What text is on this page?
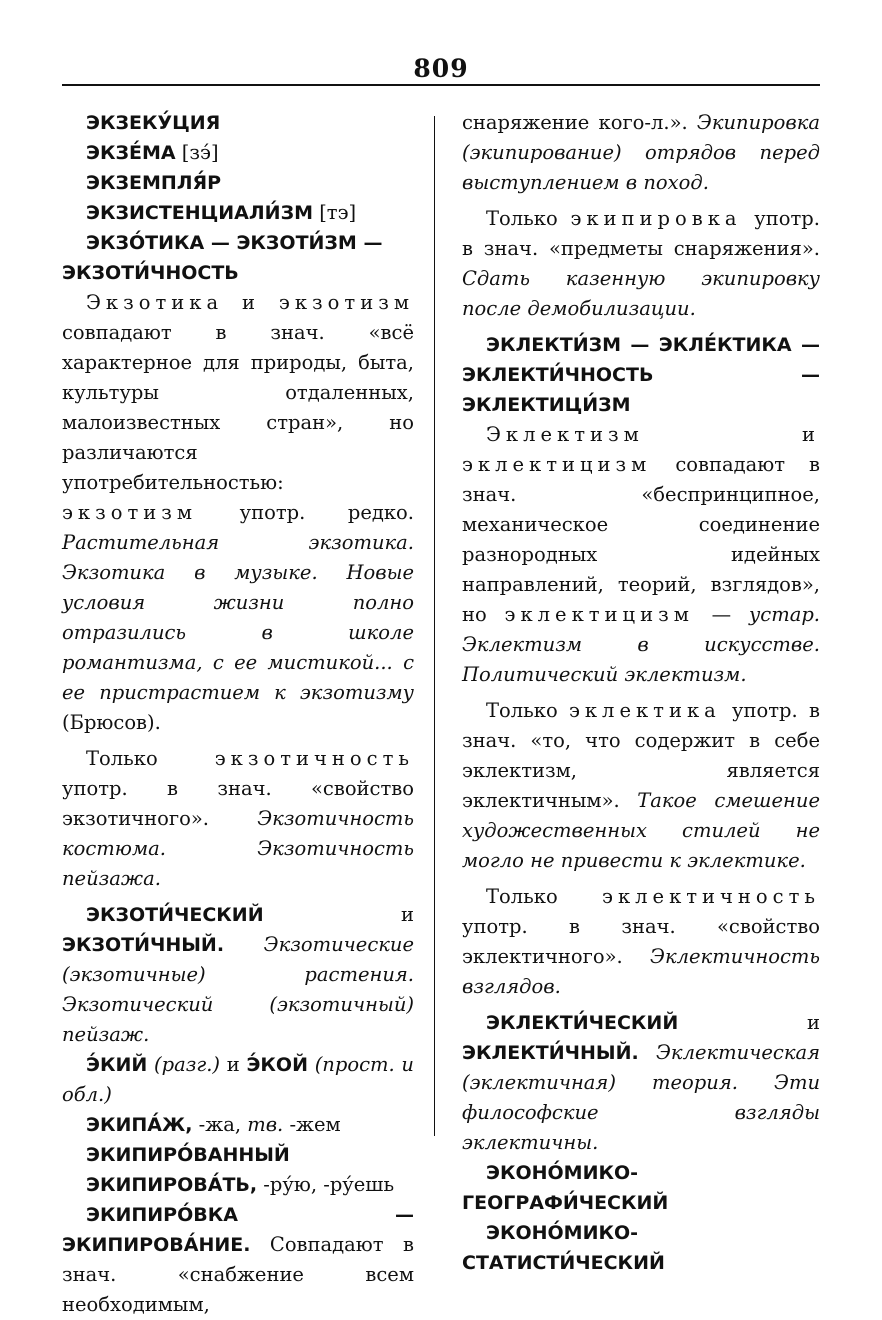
809

ЭКЗЕКУ́ЦИЯ

ЭКЗЕ́МА [зэ́]

ЭКЗЕМПЛЯ́Р

ЭКЗИСТЕНЦИАЛИ́ЗМ [тэ]

ЭКЗО́ТИКА — ЭКЗОТИ́ЗМ —

ЭКЗОТИ́ЧНОСТЬ

Экзотика и экзотизм совпадают в знач. «всё характерное для природы, быта, культуры отдаленных, малоизвестных стран», но различаются употребительностью: экзотизм употр. редко. Растительная экзотика. Экзотика в музыке. Новые условия жизни полно отразились в школе романтизма, с ее мистикой... с ее пристрастием к экзотизму (Брюсов).

Только экзотичность употр. в знач. «свойство экзотичного». Экзотичность костюма. Экзотичность пейзажа.

ЭКЗОТИ́ЧЕСКИЙ и ЭКЗОТИ́ЧНЫЙ. Экзотические (экзотичные) растения. Экзотический (экзотичный) пейзаж.

Э́КИЙ (разг.) и Э́КОЙ (прост. и обл.)

ЭКИПА́Ж, -жа, тв. -жем

ЭКИПИРО́ВАННЫЙ

ЭКИПИРОВА́ТЬ, -ру́ю, -ру́ешь

ЭКИПИРО́ВКА — ЭКИПИРОВА́НИЕ. Совпадают в знач. «снабжение всем необходимым,

снаряжение кого-л.». Экипировка (экипирование) отрядов перед выступлением в поход.

Только экипировка употр. в знач. «предметы снаряжения». Сдать казенную экипировку после демобилизации.

ЭКЛЕКТИ́ЗМ — ЭКЛЕ́КТИКА — ЭКЛЕКТИ́ЧНОСТЬ — ЭКЛЕКТИЦИ́ЗМ

Эклектизм и эклектицизм совпадают в знач. «беспринципное, механическое соединение разнородных идейных направлений, теорий, взглядов», но эклектицизм — устар. Эклектизм в искусстве. Политический эклектизм.

Только эклектика употр. в знач. «то, что содержит в себе эклектизм, является эклектичным». Такое смешение художественных стилей не могло не привести к эклектике.

Только эклектичность употр. в знач. «свойство эклектичного». Эклектичность взглядов.

ЭКЛЕКТИ́ЧЕСКИЙ и ЭКЛЕКТИ́ЧНЫЙ. Эклектическая (эклектичная) теория. Эти философские взгляды эклектичны.

ЭКОНО́МИКО-ГЕОГРАФИ́ЧЕСКИЙ

ЭКОНО́МИКО-СТАТИСТИ́ЧЕСКИЙ
